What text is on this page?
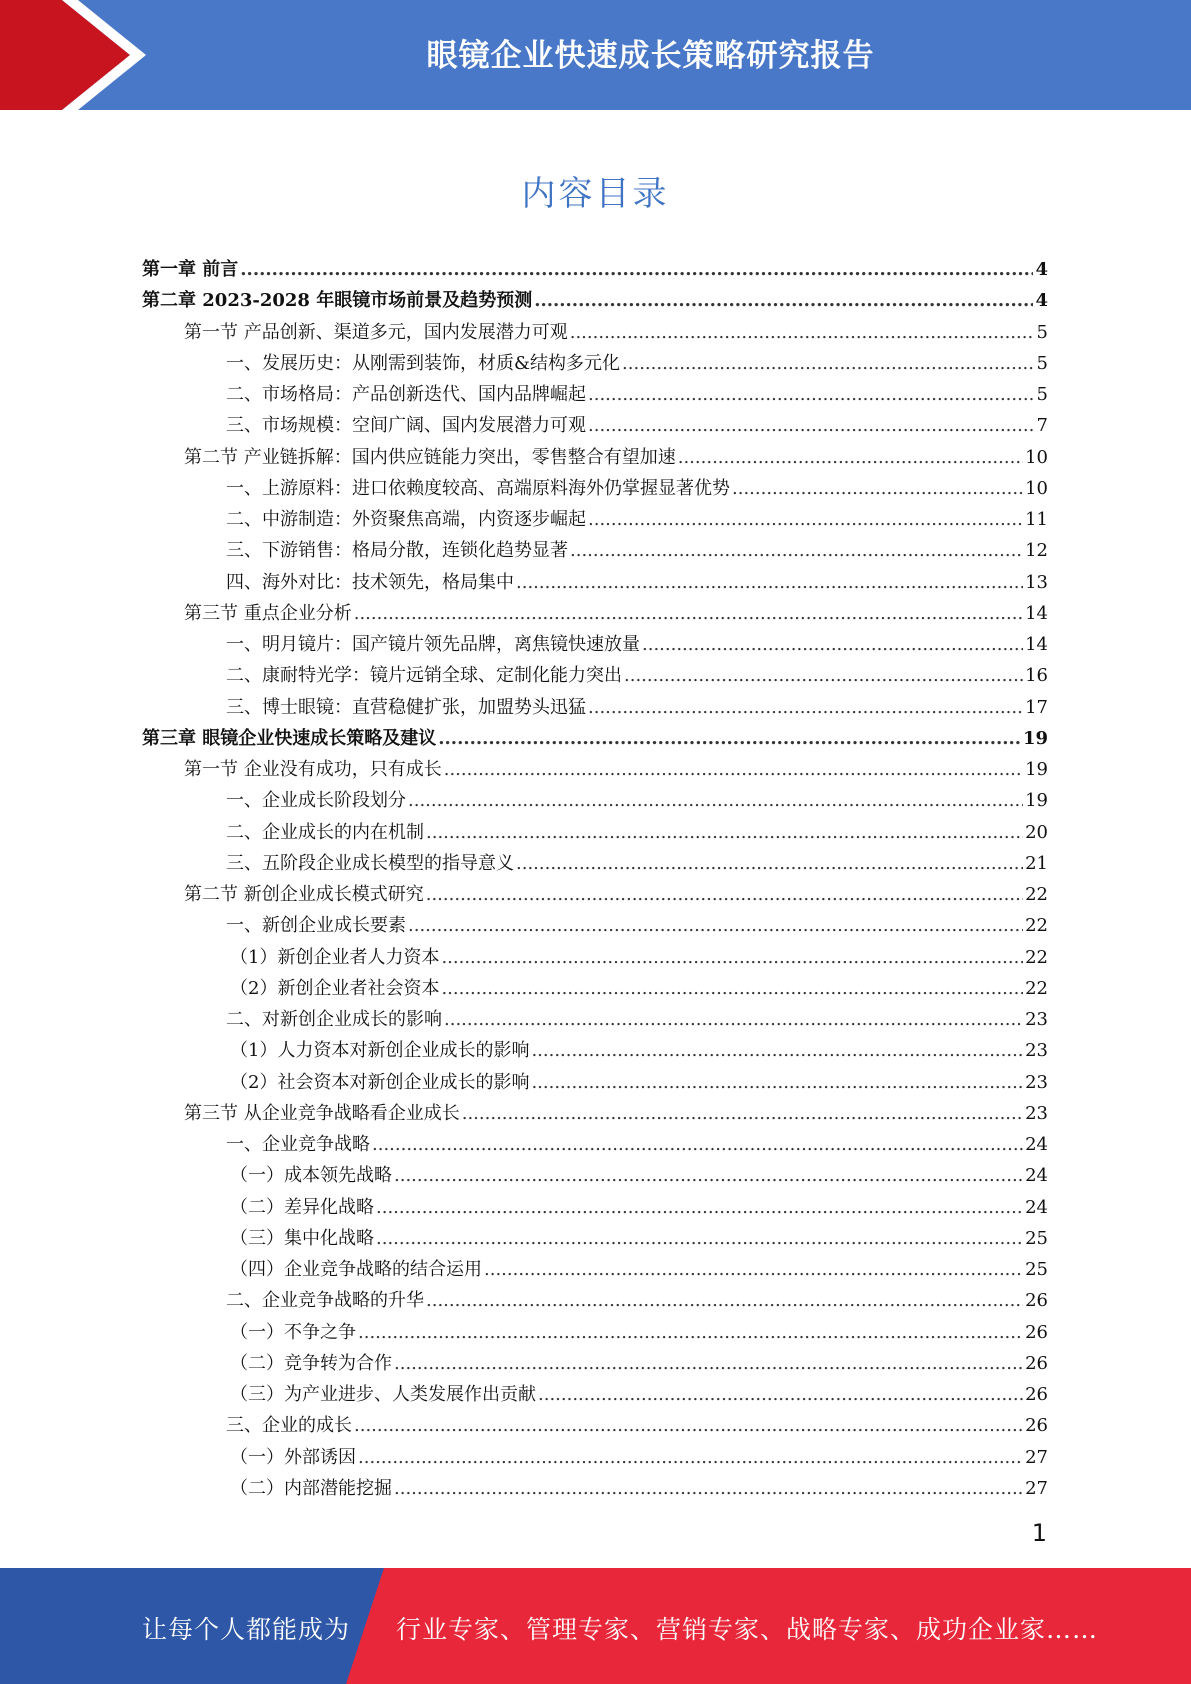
眼镜企业快速成长策略研究报告
内容目录
第一章 前言 .....	4
第二章 2023-2028 年眼镜市场前景及趋势预测 .....	4
第一节 产品创新、渠道多元，国内发展潜力可观 .....	5
一、发展历史：从刚需到装饰，材质&结构多元化 .....	5
二、市场格局：产品创新迭代、国内品牌崛起 .....	5
三、市场规模：空间广阔、国内发展潜力可观 .....	7
第二节 产业链拆解：国内供应链能力突出，零售整合有望加速 .....	10
一、上游原料：进口依赖度较高、高端原料海外仍掌握显著优势 .....	10
二、中游制造：外资聚焦高端，内资逐步崛起 .....	11
三、下游销售：格局分散，连锁化趋势显著 .....	12
四、海外对比：技术领先，格局集中 .....	13
第三节 重点企业分析 .....	14
一、明月镜片：国产镜片领先品牌，离焦镜快速放量 .....	14
二、康耐特光学：镜片远销全球、定制化能力突出 .....	16
三、博士眼镜：直营稳健扩张，加盟势头迅猛 .....	17
第三章 眼镜企业快速成长策略及建议 .....	19
第一节 企业没有成功，只有成长 .....	19
一、企业成长阶段划分 .....	19
二、企业成长的内在机制 .....	20
三、五阶段企业成长模型的指导意义 .....	21
第二节 新创企业成长模式研究 .....	22
一、新创企业成长要素 .....	22
（1）新创企业者人力资本 .....	22
（2）新创企业者社会资本 .....	22
二、对新创企业成长的影响 .....	23
（1）人力资本对新创企业成长的影响 .....	23
（2）社会资本对新创企业成长的影响 .....	23
第三节 从企业竞争战略看企业成长 .....	23
一、企业竞争战略 .....	24
（一）成本领先战略 .....	24
（二）差异化战略 .....	24
（三）集中化战略 .....	25
（四）企业竞争战略的结合运用 .....	25
二、企业竞争战略的升华 .....	26
（一）不争之争 .....	26
（二）竞争转为合作 .....	26
（三）为产业进步、人类发展作出贡献 .....	26
三、企业的成长 .....	26
（一）外部诱因 .....	27
（二）内部潜能挖掘 .....	27
1
让每个人都能成为 行业专家、管理专家、营销专家、战略专家、成功企业家……
